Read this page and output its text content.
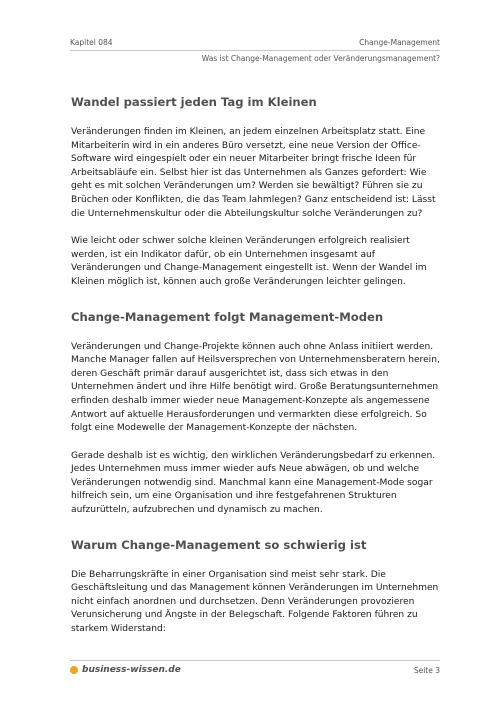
Kapitel 084	Change-Management
Was ist Change-Management oder Veränderungsmanagement?
Wandel passiert jeden Tag im Kleinen

Veränderungen finden im Kleinen, an jedem einzelnen Arbeitsplatz statt. Eine Mitarbeiterin wird in ein anderes Büro versetzt, eine neue Version der Office-Software wird eingespielt oder ein neuer Mitarbeiter bringt frische Ideen für Arbeitsabläufe ein. Selbst hier ist das Unternehmen als Ganzes gefordert: Wie geht es mit solchen Veränderungen um? Werden sie bewältigt? Führen sie zu Brüchen oder Konflikten, die das Team lahmlegen? Ganz entscheidend ist: Lässt die Unternehmenskultur oder die Abteilungskultur solche Veränderungen zu?

Wie leicht oder schwer solche kleinen Veränderungen erfolgreich realisiert werden, ist ein Indikator dafür, ob ein Unternehmen insgesamt auf Veränderungen und Change-Management eingestellt ist. Wenn der Wandel im Kleinen möglich ist, können auch große Veränderungen leichter gelingen.

Change-Management folgt Management-Moden

Veränderungen und Change-Projekte können auch ohne Anlass initiiert werden. Manche Manager fallen auf Heilsversprechen von Unternehmensberatern herein, deren Geschäft primär darauf ausgerichtet ist, dass sich etwas in den Unternehmen ändert und ihre Hilfe benötigt wird. Große Beratungsunternehmen erfinden deshalb immer wieder neue Management-Konzepte als angemessene Antwort auf aktuelle Herausforderungen und vermarkten diese erfolgreich. So folgt eine Modewelle der Management-Konzepte der nächsten.

Gerade deshalb ist es wichtig, den wirklichen Veränderungsbedarf zu erkennen. Jedes Unternehmen muss immer wieder aufs Neue abwägen, ob und welche Veränderungen notwendig sind. Manchmal kann eine Management-Mode sogar hilfreich sein, um eine Organisation und ihre festgefahrenen Strukturen aufzurütteln, aufzubrechen und dynamisch zu machen.

Warum Change-Management so schwierig ist

Die Beharrungskräfte in einer Organisation sind meist sehr stark. Die Geschäftsleitung und das Management können Veränderungen im Unternehmen nicht einfach anordnen und durchsetzen. Denn Veränderungen provozieren Verunsicherung und Ängste in der Belegschaft. Folgende Faktoren führen zu starkem Widerstand:

business-wissen.de	Seite 3
